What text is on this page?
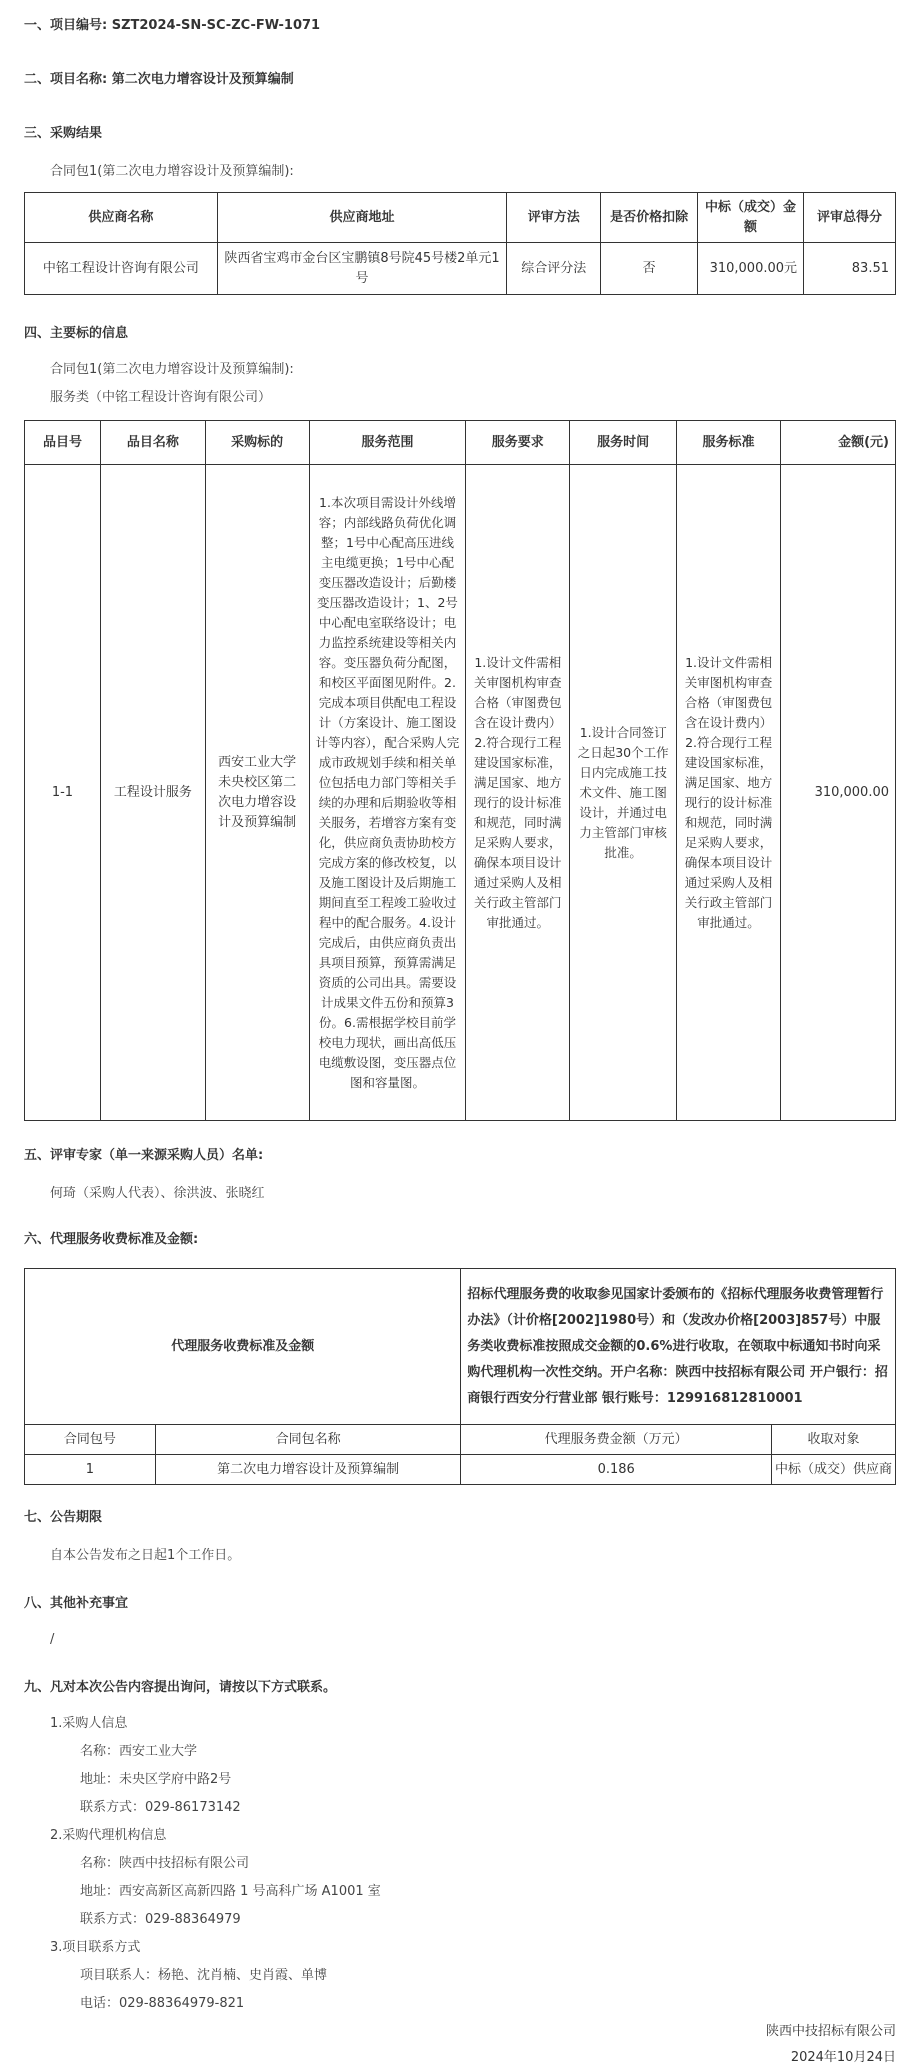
一、项目编号: SZT2024-SN-SC-ZC-FW-1071
二、项目名称: 第二次电力增容设计及预算编制
三、采购结果
合同包1(第二次电力增容设计及预算编制):
供应商名称	供应商地址	评审方法	是否价格扣除	中标（成交）金额	评审总得分
中铭工程设计咨询有限公司	陕西省宝鸡市金台区宝鹏镇8号院45号楼2单元1号	综合评分法	否	310,000.00元	83.51
四、主要标的信息
合同包1(第二次电力增容设计及预算编制):
服务类（中铭工程设计咨询有限公司）
品目号	品目名称	采购标的	服务范围	服务要求	服务时间	服务标准	金额(元)
1-1	工程设计服务	西安工业大学未央校区第二次电力增容设计及预算编制	1.本次项目需设计外线增容；内部线路负荷优化调整；1号中心配高压进线主电缆更换；1号中心配变压器改造设计；后勤楼变压器改造设计；1、2号中心配电室联络设计；电力监控系统建设等相关内容。变压器负荷分配图，和校区平面图见附件。2.完成本项目供配电工程设计（方案设计、施工图设计等内容），配合采购人完成市政规划手续和相关单位包括电力部门等相关手续的办理和后期验收等相关服务，若增容方案有变化，供应商负责协助校方完成方案的修改校复，以及施工图设计及后期施工期间直至工程竣工验收过程中的配合服务。4.设计完成后，由供应商负责出具项目预算，预算需满足资质的公司出具。需要设计成果文件五份和预算3份。6.需根据学校目前学校电力现状，画出高低压电缆敷设图，变压器点位图和容量图。	1.设计文件需相关审图机构审查合格（审图费包含在设计费内）2.符合现行工程建设国家标准，满足国家、地方现行的设计标准和规范，同时满足采购人要求，确保本项目设计通过采购人及相关行政主管部门审批通过。	1.设计合同签订之日起30个工作日内完成施工技术文件、施工图设计，并通过电力主管部门审核批准。	1.设计文件需相关审图机构审查合格（审图费包含在设计费内）2.符合现行工程建设国家标准，满足国家、地方现行的设计标准和规范，同时满足采购人要求，确保本项目设计通过采购人及相关行政主管部门审批通过。	310,000.00
五、评审专家（单一来源采购人员）名单:
何琦（采购人代表）、徐洪波、张晓红
六、代理服务收费标准及金额:
代理服务收费标准及金额		招标代理服务费的收取参见国家计委颁布的《招标代理服务收费管理暂行办法》（计价格[2002]1980号）和（发改办价格[2003]857号）中服务类收费标准按照成交金额的0.6%进行收取，在领取中标通知书时向采购代理机构一次性交纳。开户名称：陕西中技招标有限公司 开户银行：招商银行西安分行营业部 银行账号：129916812810001	
合同包号	合同包名称	代理服务费金额（万元）	收取对象
1	第二次电力增容设计及预算编制	0.186	中标（成交）供应商
七、公告期限
自本公告发布之日起1个工作日。
八、其他补充事宜
/
九、凡对本次公告内容提出询问，请按以下方式联系。
1.采购人信息
名称：西安工业大学
地址：未央区学府中路2号
联系方式：029-86173142
2.采购代理机构信息
名称：陕西中技招标有限公司
地址：西安高新区高新四路 1 号高科广场 A1001 室
联系方式：029-88364979
3.项目联系方式
项目联系人：杨艳、沈肖楠、史肖霞、单博
电话：029-88364979-821
陕西中技招标有限公司
2024年10月24日
